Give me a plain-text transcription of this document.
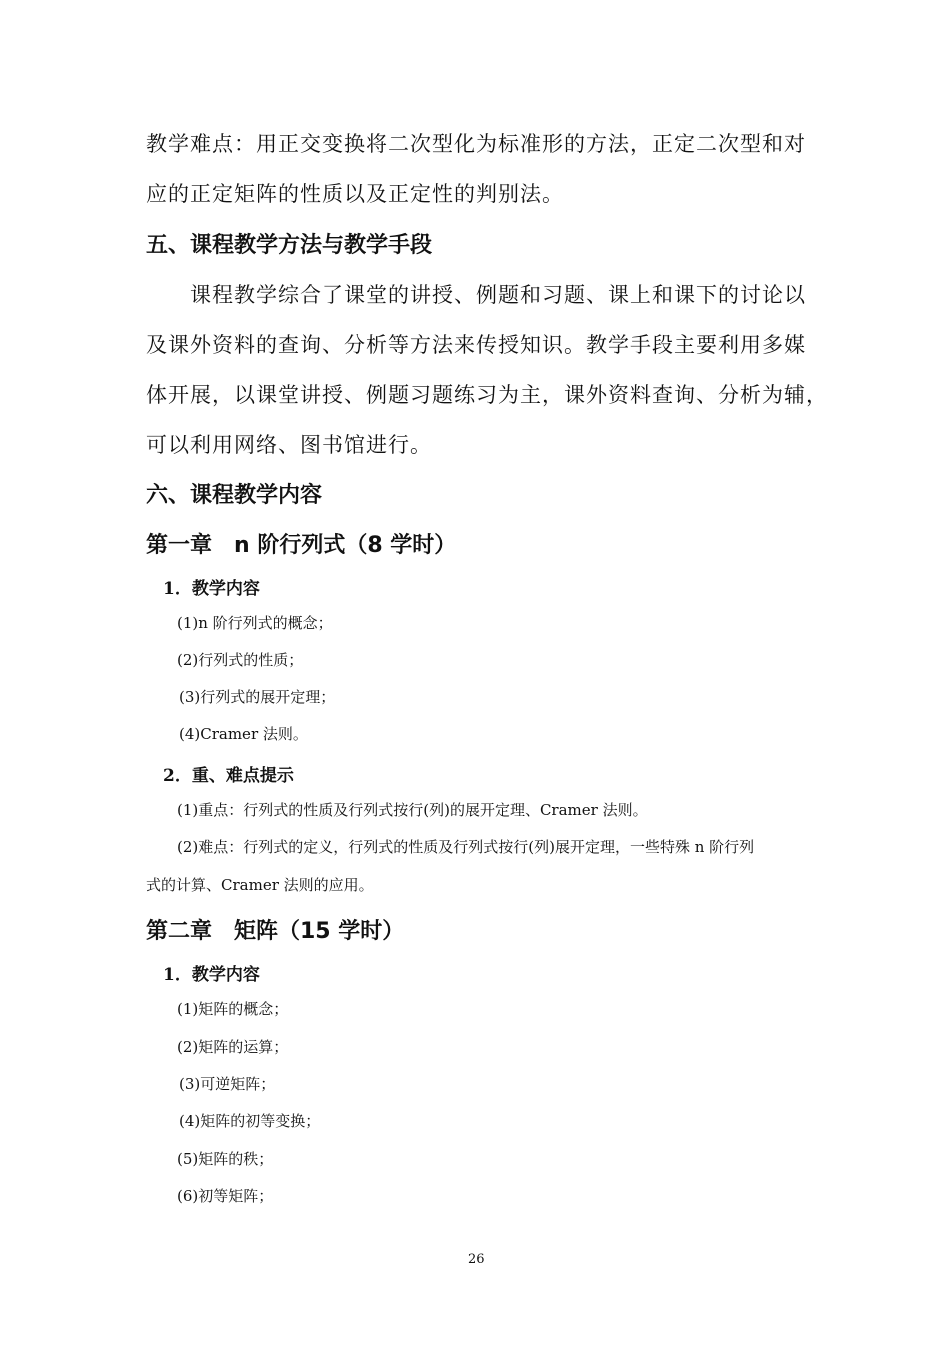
教学难点：用正交变换将二次型化为标准形的方法，正定二次型和对
应的正定矩阵的性质以及正定性的判别法。
五、课程教学方法与教学手段
课程教学综合了课堂的讲授、例题和习题、课上和课下的讨论以
及课外资料的查询、分析等方法来传授知识。教学手段主要利用多媒
体开展，以课堂讲授、例题习题练习为主，课外资料查询、分析为辅，
可以利用网络、图书馆进行。
六、课程教学内容
第一章　n 阶行列式（8 学时）
1．教学内容
(1)n 阶行列式的概念；
(2)行列式的性质；
(3)行列式的展开定理；
(4)Cramer 法则。
2．重、难点提示
(1)重点：行列式的性质及行列式按行(列)的展开定理、Cramer 法则。
(2)难点：行列式的定义，行列式的性质及行列式按行(列)展开定理，一些特殊 n 阶行列
式的计算、Cramer 法则的应用。
第二章　矩阵（15 学时）
1．教学内容
(1)矩阵的概念；
(2)矩阵的运算；
(3)可逆矩阵；
(4)矩阵的初等变换；
(5)矩阵的秩；
(6)初等矩阵；
26
